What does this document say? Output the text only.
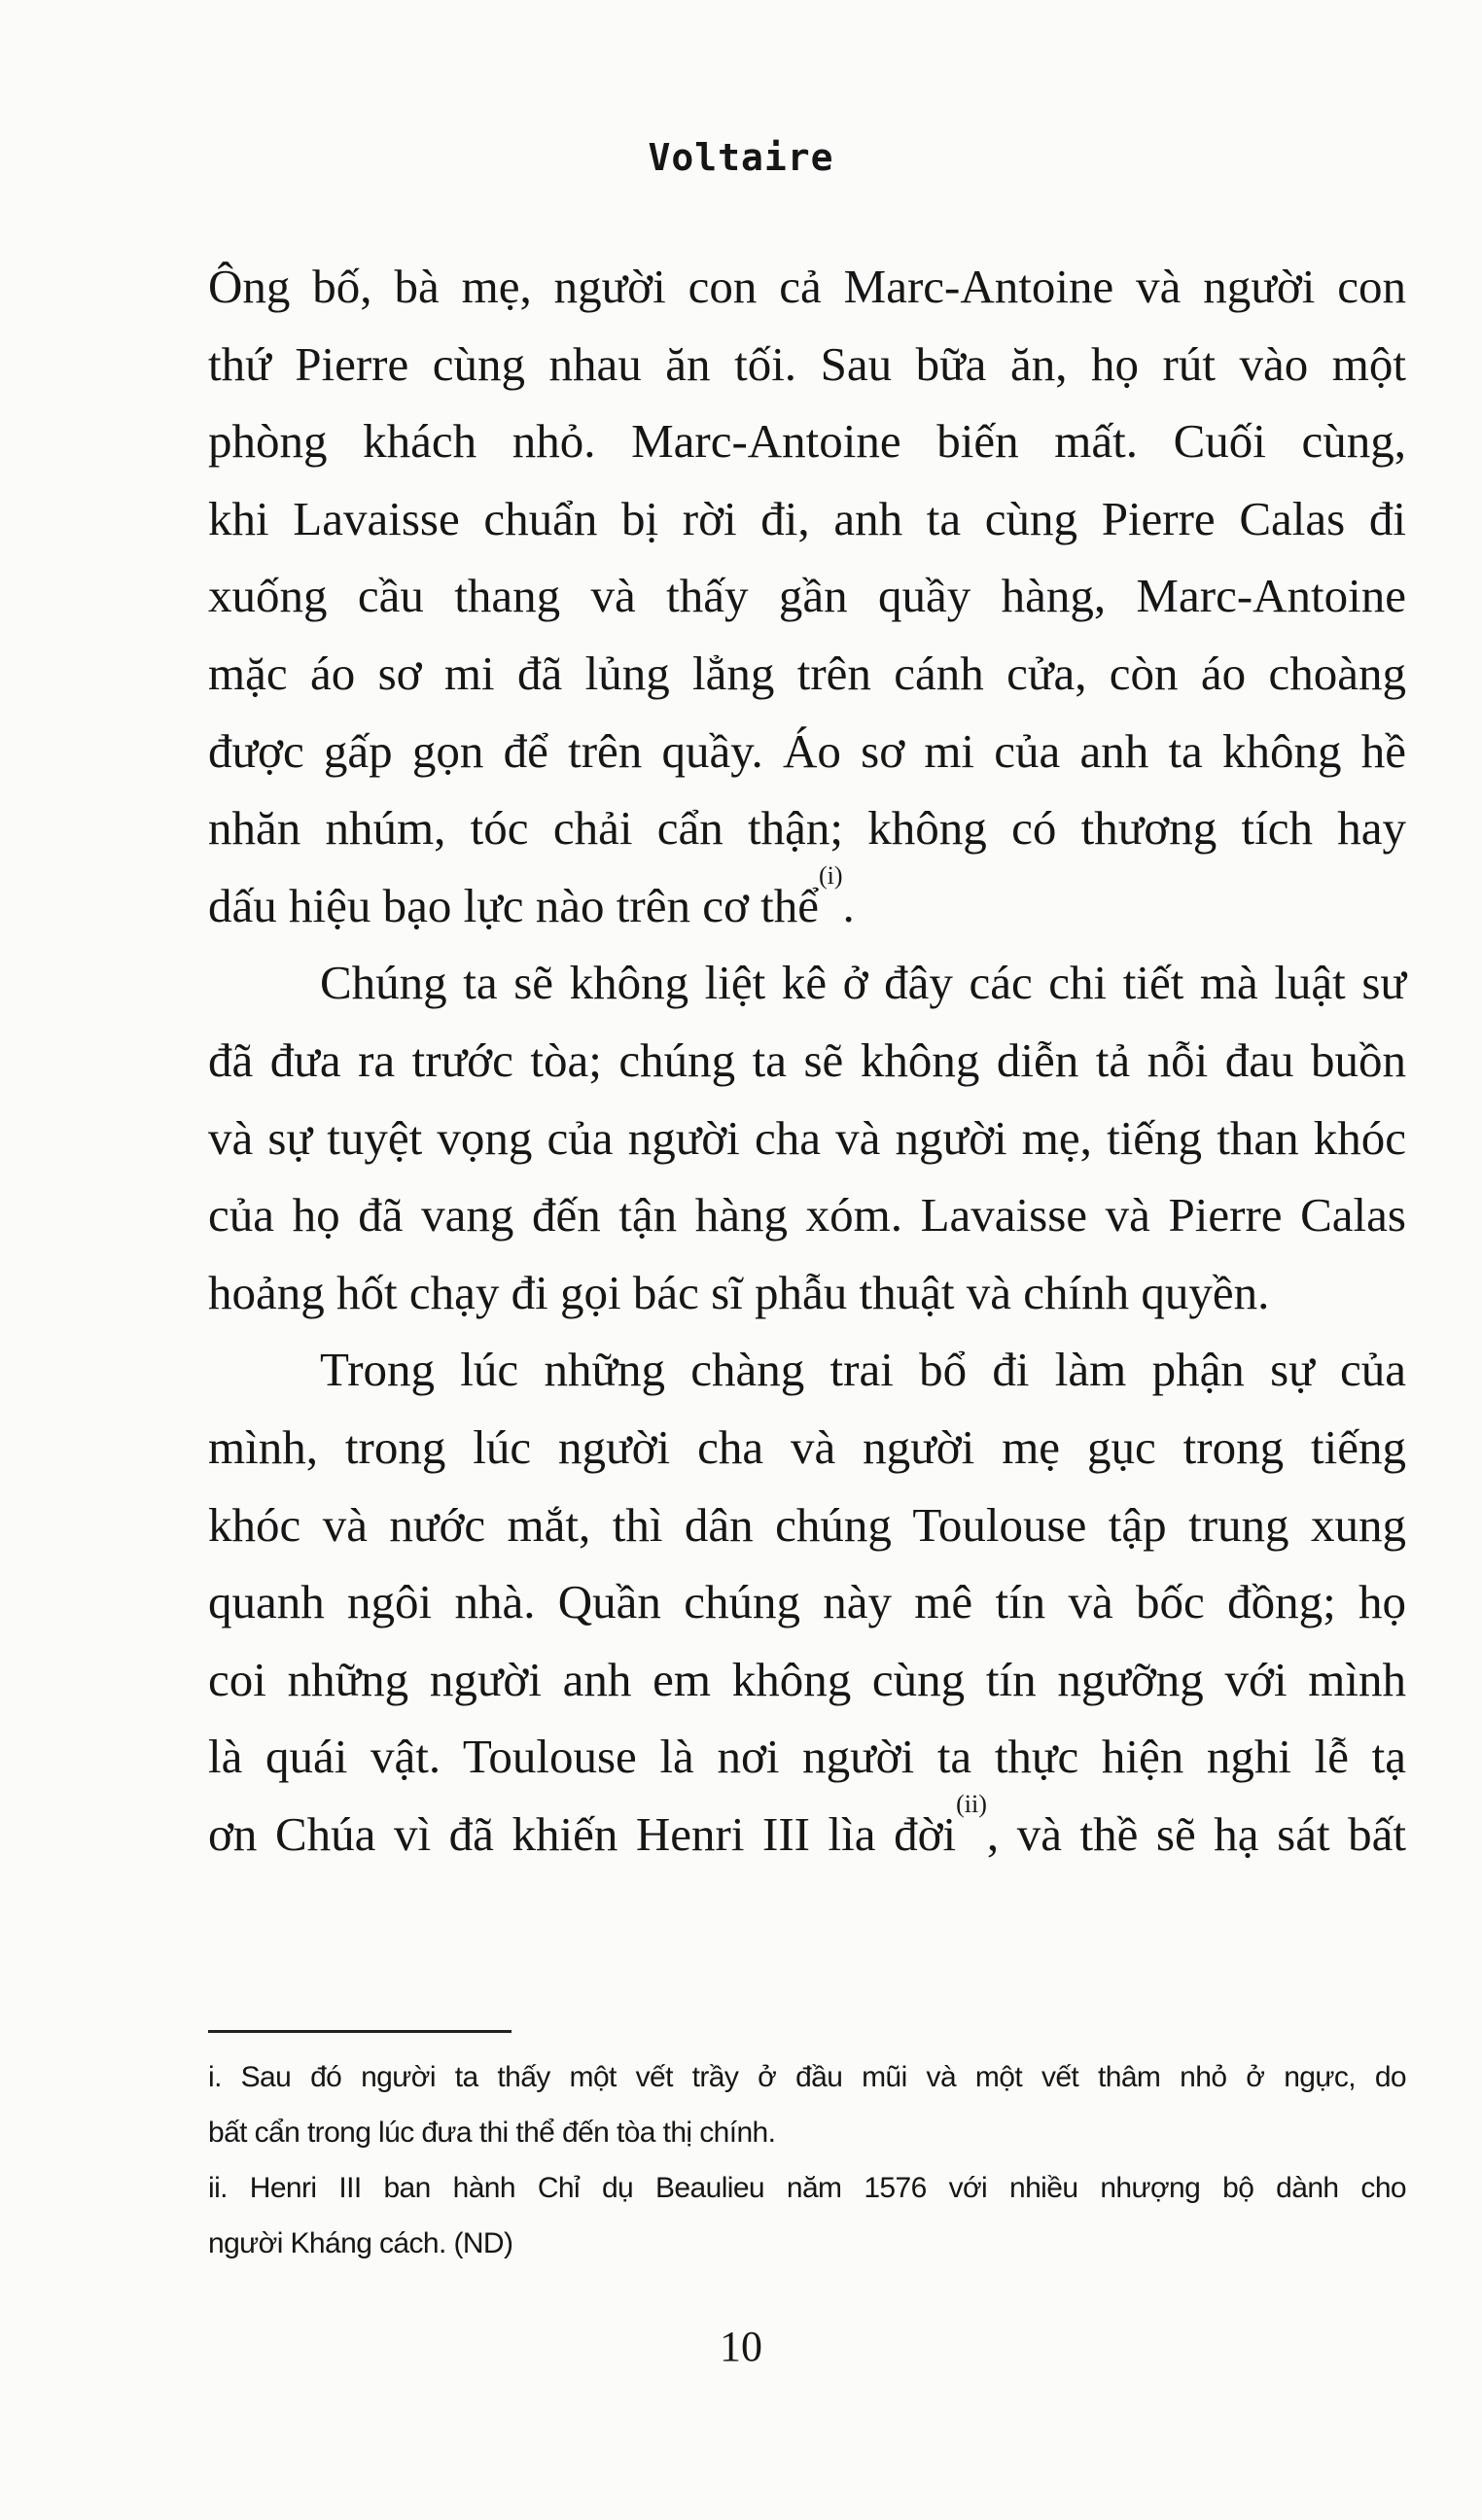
Voltaire
Ông bố, bà mẹ, người con cả Marc-Antoine và người con
thứ Pierre cùng nhau ăn tối. Sau bữa ăn, họ rút vào một
phòng khách nhỏ. Marc-Antoine biến mất. Cuối cùng,
khi Lavaisse chuẩn bị rời đi, anh ta cùng Pierre Calas đi
xuống cầu thang và thấy gần quầy hàng, Marc-Antoine
mặc áo sơ mi đã lủng lẳng trên cánh cửa, còn áo choàng
được gấp gọn để trên quầy. Áo sơ mi của anh ta không hề
nhăn nhúm, tóc chải cẩn thận; không có thương tích hay
dấu hiệu bạo lực nào trên cơ thể$^{(i)}$.
Chúng ta sẽ không liệt kê ở đây các chi tiết mà luật sư
đã đưa ra trước tòa; chúng ta sẽ không diễn tả nỗi đau buồn
và sự tuyệt vọng của người cha và người mẹ, tiếng than khóc
của họ đã vang đến tận hàng xóm. Lavaisse và Pierre Calas
hoảng hốt chạy đi gọi bác sĩ phẫu thuật và chính quyền.
Trong lúc những chàng trai bổ đi làm phận sự của
mình, trong lúc người cha và người mẹ gục trong tiếng
khóc và nước mắt, thì dân chúng Toulouse tập trung xung
quanh ngôi nhà. Quần chúng này mê tín và bốc đồng; họ
coi những người anh em không cùng tín ngưỡng với mình
là quái vật. Toulouse là nơi người ta thực hiện nghi lễ tạ
ơn Chúa vì đã khiến Henri III lìa đời$^{(ii)}$, và thề sẽ hạ sát bất
i. Sau đó người ta thấy một vết trầy ở đầu mũi và một vết thâm nhỏ ở ngực, do
bất cẩn trong lúc đưa thi thể đến tòa thị chính.
ii. Henri III ban hành Chỉ dụ Beaulieu năm 1576 với nhiều nhượng bộ dành cho
người Kháng cách. (ND)
10
